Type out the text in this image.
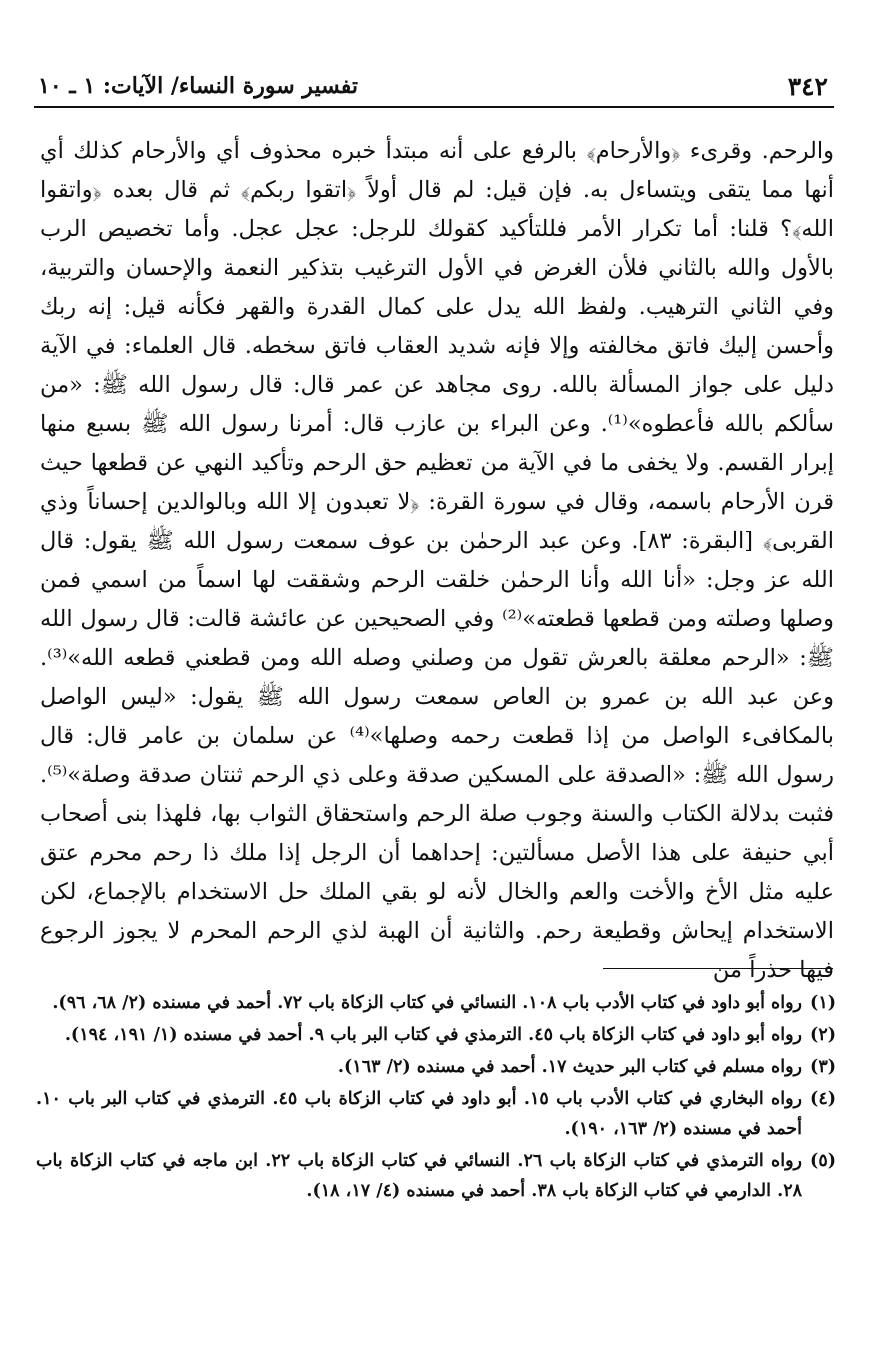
٣٤٢
تفسير سورة النساء/ الآيات: ١ ـ ١٠

والرحم. وقرىء ﴿والأرحام﴾ بالرفع على أنه مبتدأ خبره محذوف أي والأرحام كذلك أي أنها مما يتقى ويتساءل به. فإن قيل: لم قال أولاً ﴿اتقوا ربكم﴾ ثم قال بعده ﴿واتقوا الله﴾؟ قلنا: أما تكرار الأمر فللتأكيد كقولك للرجل: عجل عجل. وأما تخصيص الرب بالأول والله بالثاني فلأن الغرض في الأول الترغيب بتذكير النعمة والإحسان والتربية، وفي الثاني الترهيب. ولفظ الله يدل على كمال القدرة والقهر فكأنه قيل: إنه ربك وأحسن إليك فاتق مخالفته وإلا فإنه شديد العقاب فاتق سخطه. قال العلماء: في الآية دليل على جواز المسألة بالله. روى مجاهد عن عمر قال: قال رسول الله ﷺ: «من سألكم بالله فأعطوه»⁽¹⁾. وعن البراء بن عازب قال: أمرنا رسول الله ﷺ بسبع منها إبرار القسم. ولا يخفى ما في الآية من تعظيم حق الرحم وتأكيد النهي عن قطعها حيث قرن الأرحام باسمه، وقال في سورة القرة: ﴿لا تعبدون إلا الله وبالوالدين إحساناً وذي القربى﴾ [البقرة: ٨٣]. وعن عبد الرحمٰن بن عوف سمعت رسول الله ﷺ يقول: قال الله عز وجل: «أنا الله وأنا الرحمٰن خلقت الرحم وشققت لها اسماً من اسمي فمن وصلها وصلته ومن قطعها قطعته»⁽²⁾ وفي الصحيحين عن عائشة قالت: قال رسول الله ﷺ: «الرحم معلقة بالعرش تقول من وصلني وصله الله ومن قطعني قطعه الله»⁽³⁾. وعن عبد الله بن عمرو بن العاص سمعت رسول الله ﷺ يقول: «ليس الواصل بالمكافىء الواصل من إذا قطعت رحمه وصلها»⁽⁴⁾ عن سلمان بن عامر قال: قال رسول الله ﷺ: «الصدقة على المسكين صدقة وعلى ذي الرحم ثنتان صدقة وصلة»⁽⁵⁾. فثبت بدلالة الكتاب والسنة وجوب صلة الرحم واستحقاق الثواب بها، فلهذا بنى أصحاب أبي حنيفة على هذا الأصل مسألتين: إحداهما أن الرجل إذا ملك ذا رحم محرم عتق عليه مثل الأخ والأخت والعم والخال لأنه لو بقي الملك حل الاستخدام بالإجماع، لكن الاستخدام إيحاش وقطيعة رحم. والثانية أن الهبة لذي الرحم المحرم لا يجوز الرجوع فيها حذراً من

(١)
رواه أبو داود في كتاب الأدب باب ١٠٨. النسائي في كتاب الزكاة باب ٧٢. أحمد في مسنده (٢/ ٦٨، ٩٦).

(٢)
رواه أبو داود في كتاب الزكاة باب ٤٥. الترمذي في كتاب البر باب ٩. أحمد في مسنده (١/ ١٩١، ١٩٤).

(٣)
رواه مسلم في كتاب البر حديث ١٧. أحمد في مسنده (٢/ ١٦٣).

(٤)
رواه البخاري في كتاب الأدب باب ١٥. أبو داود في كتاب الزكاة باب ٤٥. الترمذي في كتاب البر باب ١٠. أحمد في مسنده (٢/ ١٦٣، ١٩٠).

(٥)
رواه الترمذي في كتاب الزكاة باب ٢٦. النسائي في كتاب الزكاة باب ٢٢. ابن ماجه في كتاب الزكاة باب ٢٨. الدارمي في كتاب الزكاة باب ٣٨. أحمد في مسنده (٤/ ١٧، ١٨).
